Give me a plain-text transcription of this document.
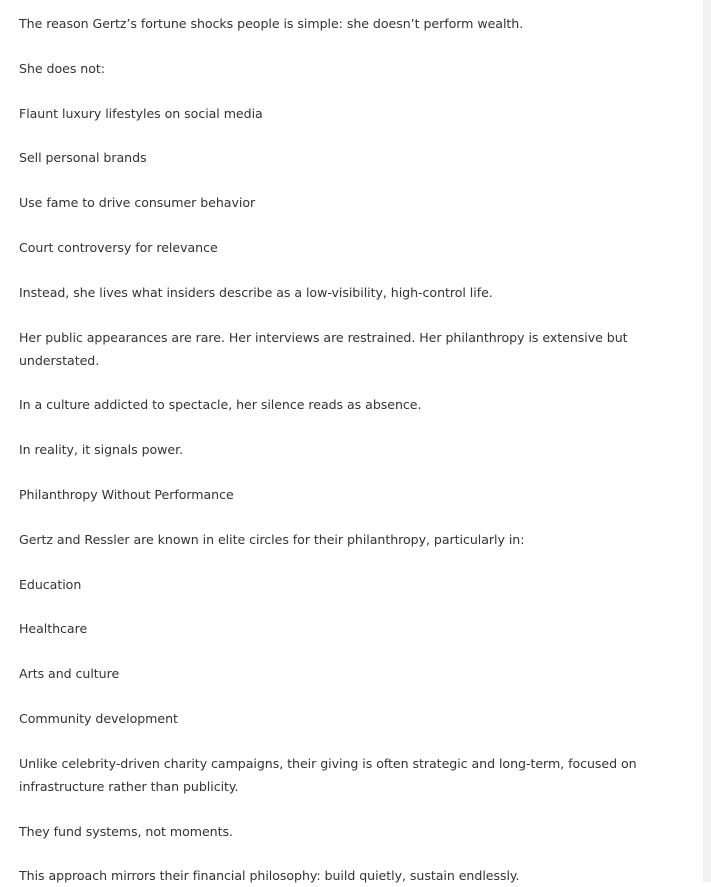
The reason Gertz’s fortune shocks people is simple: she doesn’t perform wealth.

She does not:

Flaunt luxury lifestyles on social media

Sell personal brands

Use fame to drive consumer behavior

Court controversy for relevance

Instead, she lives what insiders describe as a low-visibility, high-control life.

Her public appearances are rare. Her interviews are restrained. Her philanthropy is extensive but understated.

In a culture addicted to spectacle, her silence reads as absence.

In reality, it signals power.

Philanthropy Without Performance

Gertz and Ressler are known in elite circles for their philanthropy, particularly in:

Education

Healthcare

Arts and culture

Community development

Unlike celebrity-driven charity campaigns, their giving is often strategic and long-term, focused on infrastructure rather than publicity.

They fund systems, not moments.

This approach mirrors their financial philosophy: build quietly, sustain endlessly.
